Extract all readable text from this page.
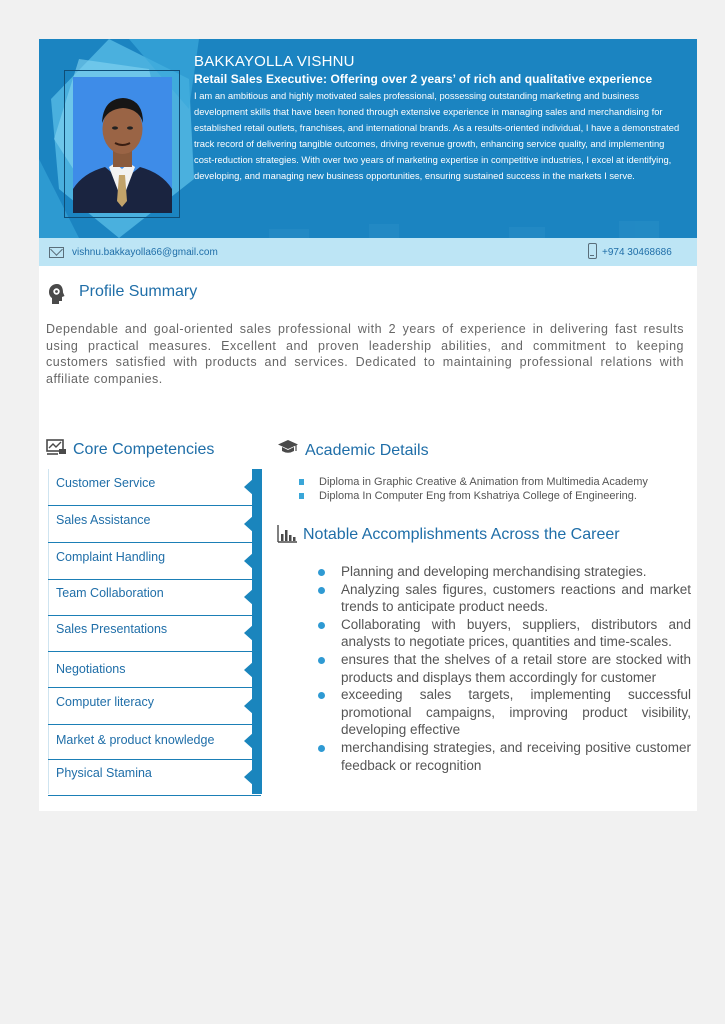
BAKKAYOLLA VISHNU
Retail Sales Executive: Offering over 2 years’ of rich and qualitative experience
I am an ambitious and highly motivated sales professional, possessing outstanding marketing and business development skills that have been honed through extensive experience in managing sales and merchandising for established retail outlets, franchises, and international brands. As a results-oriented individual, I have a demonstrated track record of delivering tangible outcomes, driving revenue growth, enhancing service quality, and implementing cost-reduction strategies. With over two years of marketing expertise in competitive industries, I excel at identifying, developing, and managing new business opportunities, ensuring sustained success in the markets I serve.
vishnu.bakkayolla66@gmail.com	+974 30468686
Profile Summary
Dependable and goal-oriented sales professional with 2 years of experience in delivering fast results using practical measures. Excellent and proven leadership abilities, and commitment to keeping customers satisfied with products and services. Dedicated to maintaining professional relations with affiliate companies.
Core Competencies
Customer Service
Sales Assistance
Complaint Handling
Team Collaboration
Sales Presentations
Negotiations
Computer literacy
Market & product knowledge
Physical Stamina
Academic Details
Diploma in Graphic Creative & Animation from Multimedia Academy
Diploma In Computer Eng from Kshatriya College of Engineering.
Notable Accomplishments Across the Career
Planning and developing merchandising strategies.
Analyzing sales figures, customers reactions and market trends to anticipate product needs.
Collaborating with buyers, suppliers, distributors and analysts to negotiate prices, quantities and time-scales.
ensures that the shelves of a retail store are stocked with products and displays them accordingly for customer
exceeding sales targets, implementing successful promotional campaigns, improving product visibility, developing effective
merchandising strategies, and receiving positive customer feedback or recognition
